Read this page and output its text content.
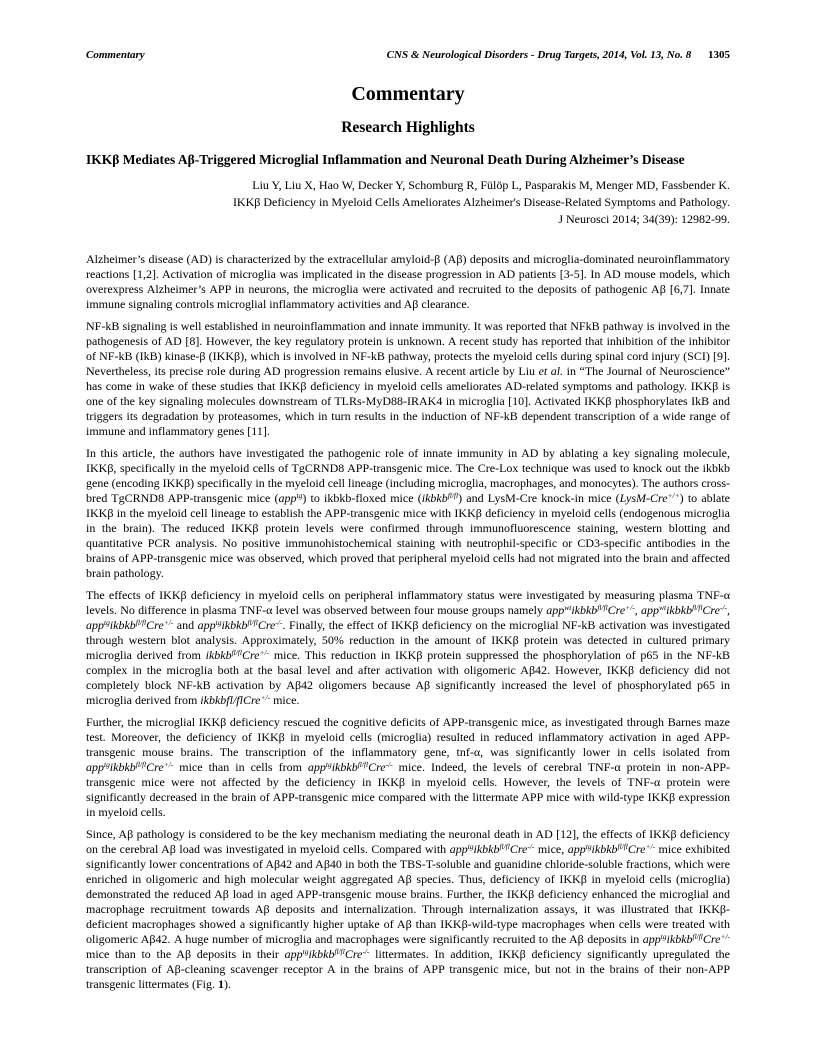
Commentary	CNS & Neurological Disorders - Drug Targets, 2014, Vol. 13, No. 8 1305
Commentary
Research Highlights
IKKβ Mediates Aβ-Triggered Microglial Inflammation and Neuronal Death During Alzheimer’s Disease
Liu Y, Liu X, Hao W, Decker Y, Schomburg R, Fülöp L, Pasparakis M, Menger MD, Fassbender K.
IKKβ Deficiency in Myeloid Cells Ameliorates Alzheimer's Disease-Related Symptoms and Pathology.
J Neurosci 2014; 34(39): 12982-99.

Alzheimer’s disease (AD) is characterized by the extracellular amyloid-β (Aβ) deposits and microglia-dominated neuroinflammatory reactions [1,2]. Activation of microglia was implicated in the disease progression in AD patients [3-5]. In AD mouse models, which overexpress Alzheimer’s APP in neurons, the microglia were activated and recruited to the deposits of pathogenic Aβ [6,7]. Innate immune signaling controls microglial inflammatory activities and Aβ clearance.

NF-kB signaling is well established in neuroinflammation and innate immunity. It was reported that NFkB pathway is involved in the pathogenesis of AD [8]. However, the key regulatory protein is unknown. A recent study has reported that inhibition of the inhibitor of NF-kB (IkB) kinase-β (IKKβ), which is involved in NF-kB pathway, protects the myeloid cells during spinal cord injury (SCI) [9]. Nevertheless, its precise role during AD progression remains elusive. A recent article by Liu et al. in “The Journal of Neuroscience” has come in wake of these studies that IKKβ deficiency in myeloid cells ameliorates AD-related symptoms and pathology. IKKβ is one of the key signaling molecules downstream of TLRs-MyD88-IRAK4 in microglia [10]. Activated IKKβ phosphorylates IkB and triggers its degradation by proteasomes, which in turn results in the induction of NF-kB dependent transcription of a wide range of immune and inflammatory genes [11].

In this article, the authors have investigated the pathogenic role of innate immunity in AD by ablating a key signaling molecule, IKKβ, specifically in the myeloid cells of TgCRND8 APP-transgenic mice. The Cre-Lox technique was used to knock out the ikbkb gene (encoding IKKβ) specifically in the myeloid cell lineage (including microglia, macrophages, and monocytes). The authors cross-bred TgCRND8 APP-transgenic mice (app$^{tg}$) to ikbkb-floxed mice (ikbkb$^{fl/fl}$) and LysM-Cre knock-in mice (LysM-Cre+/+) to ablate IKKβ in the myeloid cell lineage to establish the APP-transgenic mice with IKKβ deficiency in myeloid cells (endogenous microglia in the brain). The reduced IKKβ protein levels were confirmed through immunofluorescence staining, western blotting and quantitative PCR analysis. No positive immunohistochemical staining with neutrophil-specific or CD3-specific antibodies in the brains of APP-transgenic mice was observed, which proved that peripheral myeloid cells had not migrated into the brain and affected brain pathology.

The effects of IKKβ deficiency in myeloid cells on peripheral inflammatory status were investigated by measuring plasma TNF-α levels. No difference in plasma TNF-α level was observed between four mouse groups namely app$^{wt}$ikbkb$^{fl/fl}$Cre+/-, app$^{wt}$ikbkb$^{fl/fl}$Cre-/-, app$^{tg}$ikbkb$^{fl/fl}$Cre+/- and app$^{tg}$ikbkb$^{fl/fl}$Cre-/-. Finally, the effect of IKKβ deficiency on the microglial NF-kB activation was investigated through western blot analysis. Approximately, 50% reduction in the amount of IKKβ protein was detected in cultured primary microglia derived from ikbkb$^{fl/fl}$Cre+/- mice. This reduction in IKKβ protein suppressed the phosphorylation of p65 in the NF-kB complex in the microglia both at the basal level and after activation with oligomeric Aβ42. However, IKKβ deficiency did not completely block NF-kB activation by Aβ42 oligomers because Aβ significantly increased the level of phosphorylated p65 in microglia derived from ikbkbfl/flCre+/- mice.

Further, the microglial IKKβ deficiency rescued the cognitive deficits of APP-transgenic mice, as investigated through Barnes maze test. Moreover, the deficiency of IKKβ in myeloid cells (microglia) resulted in reduced inflammatory activation in aged APP-transgenic mouse brains. The transcription of the inflammatory gene, tnf-α, was significantly lower in cells isolated from app$^{tg}$ikbkb$^{fl/fl}$Cre+/- mice than in cells from app$^{tg}$ikbkb$^{fl/fl}$Cre-/- mice. Indeed, the levels of cerebral TNF-α protein in non-APP-transgenic mice were not affected by the deficiency in IKKβ in myeloid cells. However, the levels of TNF-α protein were significantly decreased in the brain of APP-transgenic mice compared with the littermate APP mice with wild-type IKKβ expression in myeloid cells.

Since, Aβ pathology is considered to be the key mechanism mediating the neuronal death in AD [12], the effects of IKKβ deficiency on the cerebral Aβ load was investigated in myeloid cells. Compared with app$^{tg}$ikbkb$^{fl/fl}$Cre-/- mice, app$^{tg}$ikbkb$^{fl/fl}$Cre+/- mice exhibited significantly lower concentrations of Aβ42 and Aβ40 in both the TBS-T-soluble and guanidine chloride-soluble fractions, which were enriched in oligomeric and high molecular weight aggregated Aβ species. Thus, deficiency of IKKβ in myeloid cells (microglia) demonstrated the reduced Aβ load in aged APP-transgenic mouse brains. Further, the IKKβ deficiency enhanced the microglial and macrophage recruitment towards Aβ deposits and internalization. Through internalization assays, it was illustrated that IKKβ-deficient macrophages showed a significantly higher uptake of Aβ than IKKβ-wild-type macrophages when cells were treated with oligomeric Aβ42. A huge number of microglia and macrophages were significantly recruited to the Aβ deposits in app$^{tg}$ikbkb$^{fl/fl}$Cre+/- mice than to the Aβ deposits in their app$^{tg}$ikbkb$^{fl/fl}$Cre-/- littermates. In addition, IKKβ deficiency significantly upregulated the transcription of Aβ-cleaning scavenger receptor A in the brains of APP transgenic mice, but not in the brains of their non-APP transgenic littermates (Fig. 1).
